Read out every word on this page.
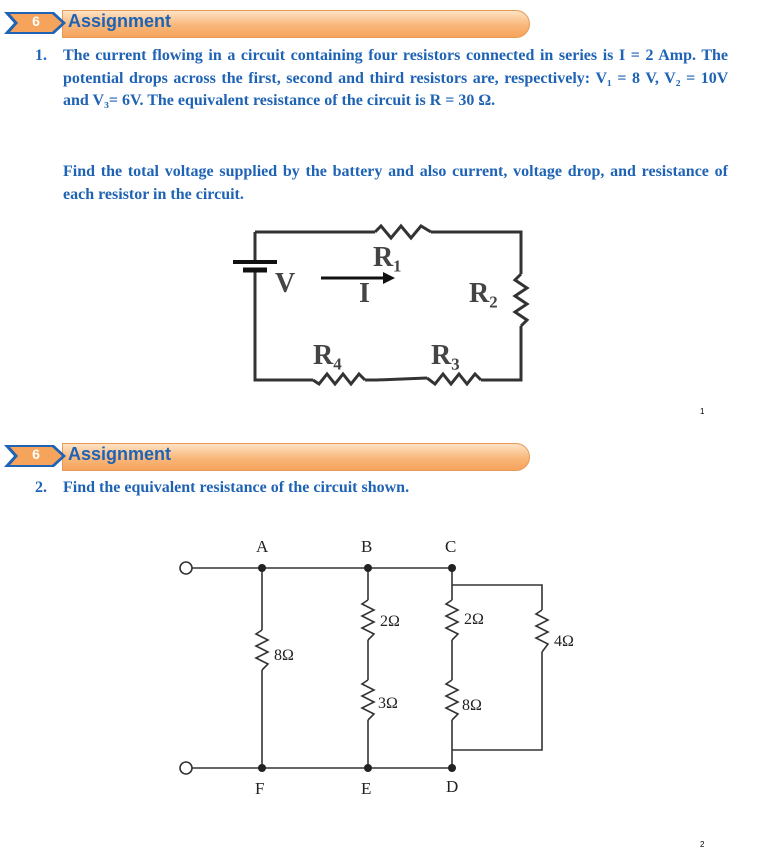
6	Assignment
1. The current flowing in a circuit containing four resistors connected in series is I = 2 Amp. The potential drops across the first, second and third resistors are, respectively: V₁ = 8 V, V₂ = 10V and V₃= 6V. The equivalent resistance of the circuit is R = 30 Ω.
Find the total voltage supplied by the battery and also current, voltage drop, and resistance of each resistor in the circuit.
R₁
R₂
R₃
R₄
V I
1
6	Assignment
2. Find the equivalent resistance of the circuit shown.
A	B	C
F	E	D
8Ω
2Ω
3Ω
2Ω
8Ω
4Ω
2
